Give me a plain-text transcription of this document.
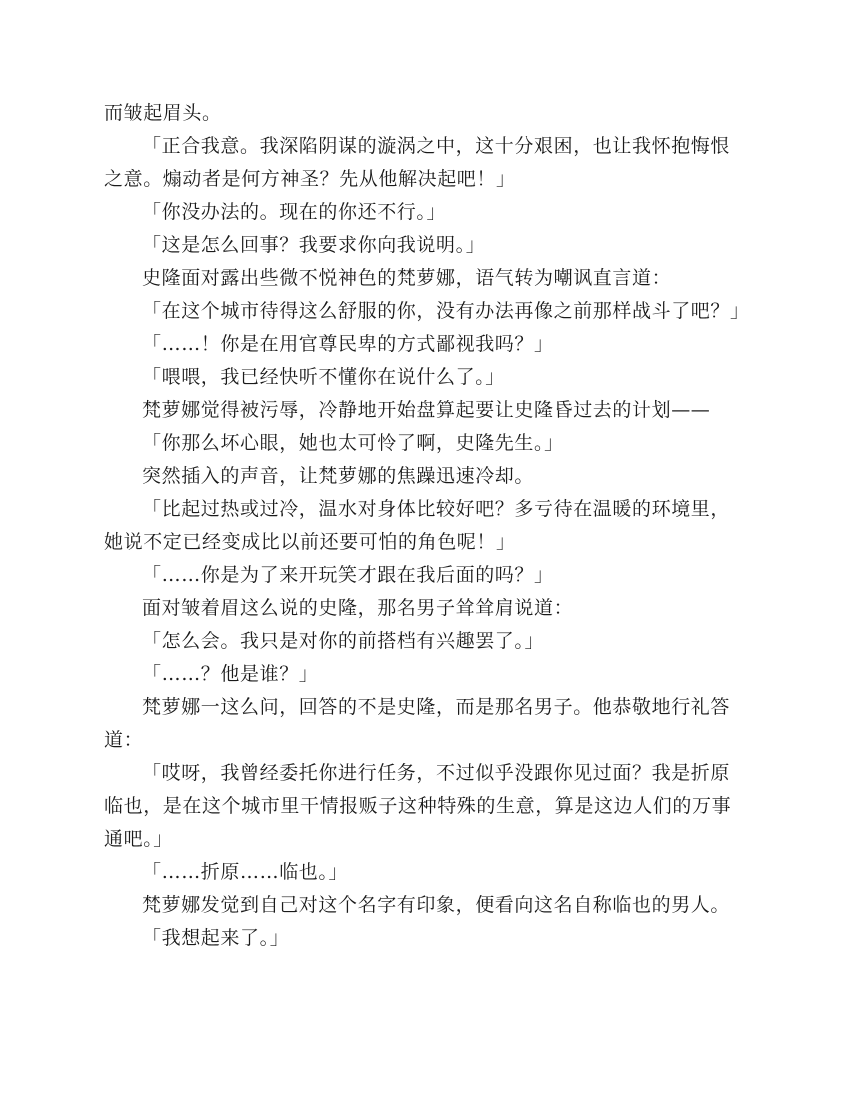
而皱起眉头。

「正合我意。我深陷阴谋的漩涡之中，这十分艰困，也让我怀抱悔恨之意。煽动者是何方神圣？先从他解决起吧！」

「你没办法的。现在的你还不行。」

「这是怎么回事？我要求你向我说明。」

史隆面对露出些微不悦神色的梵萝娜，语气转为嘲讽直言道：

「在这个城市待得这么舒服的你，没有办法再像之前那样战斗了吧？」

「……！你是在用官尊民卑的方式鄙视我吗？」

「喂喂，我已经快听不懂你在说什么了。」

梵萝娜觉得被污辱，冷静地开始盘算起要让史隆昏过去的计划——

「你那么坏心眼，她也太可怜了啊，史隆先生。」

突然插入的声音，让梵萝娜的焦躁迅速冷却。

「比起过热或过冷，温水对身体比较好吧？多亏待在温暖的环境里，她说不定已经变成比以前还要可怕的角色呢！」

「……你是为了来开玩笑才跟在我后面的吗？」

面对皱着眉这么说的史隆，那名男子耸耸肩说道：

「怎么会。我只是对你的前搭档有兴趣罢了。」

「……？他是谁？」

梵萝娜一这么问，回答的不是史隆，而是那名男子。他恭敬地行礼答道：

「哎呀，我曾经委托你进行任务，不过似乎没跟你见过面？我是折原临也，是在这个城市里干情报贩子这种特殊的生意，算是这边人们的万事通吧。」

「……折原……临也。」

梵萝娜发觉到自己对这个名字有印象，便看向这名自称临也的男人。

「我想起来了。」
